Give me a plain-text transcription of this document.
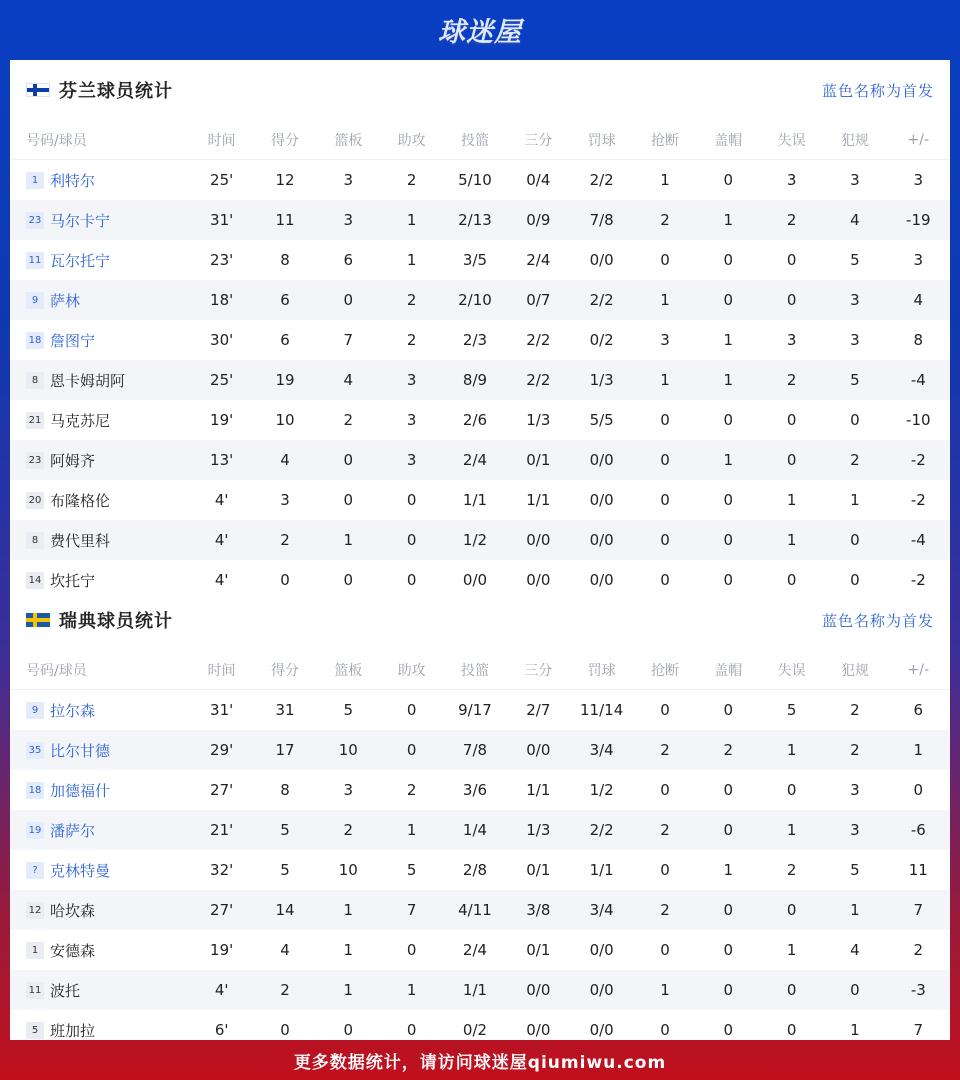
球迷屋
芬兰球员统计	蓝色名称为首发
号码/球员	时间	得分	篮板	助攻	投篮	三分	罚球	抢断	盖帽	失误	犯规	+/-
1 利特尔	25'	12	3	2	5/10	0/4	2/2	1	0	3	3	3
23 马尔卡宁	31'	11	3	1	2/13	0/9	7/8	2	1	2	4	-19
11 瓦尔托宁	23'	8	6	1	3/5	2/4	0/0	0	0	0	5	3
9 萨林	18'	6	0	2	2/10	0/7	2/2	1	0	0	3	4
18 詹图宁	30'	6	7	2	2/3	2/2	0/2	3	1	3	3	8
8 恩卡姆胡阿	25'	19	4	3	8/9	2/2	1/3	1	1	2	5	-4
21 马克苏尼	19'	10	2	3	2/6	1/3	5/5	0	0	0	0	-10
23 阿姆齐	13'	4	0	3	2/4	0/1	0/0	0	1	0	2	-2
20 布隆格伦	4'	3	0	0	1/1	1/1	0/0	0	0	1	1	-2
8 费代里科	4'	2	1	0	1/2	0/0	0/0	0	0	1	0	-4
14 坎托宁	4'	0	0	0	0/0	0/0	0/0	0	0	0	0	-2
瑞典球员统计	蓝色名称为首发
号码/球员	时间	得分	篮板	助攻	投篮	三分	罚球	抢断	盖帽	失误	犯规	+/-
9 拉尔森	31'	31	5	0	9/17	2/7	11/14	0	0	5	2	6
35 比尔甘德	29'	17	10	0	7/8	0/0	3/4	2	2	1	2	1
18 加德福什	27'	8	3	2	3/6	1/1	1/2	0	0	0	3	0
19 潘萨尔	21'	5	2	1	1/4	1/3	2/2	2	0	1	3	-6
? 克林特曼	32'	5	10	5	2/8	0/1	1/1	0	1	2	5	11
12 哈坎森	27'	14	1	7	4/11	3/8	3/4	2	0	0	1	7
1 安德森	19'	4	1	0	2/4	0/1	0/0	0	0	1	4	2
11 波托	4'	2	1	1	1/1	0/0	0/0	1	0	0	0	-3
5 班加拉	6'	0	0	0	0/2	0/0	0/0	0	0	0	1	7
更多数据统计，请访问球迷屋qiumiwu.com
